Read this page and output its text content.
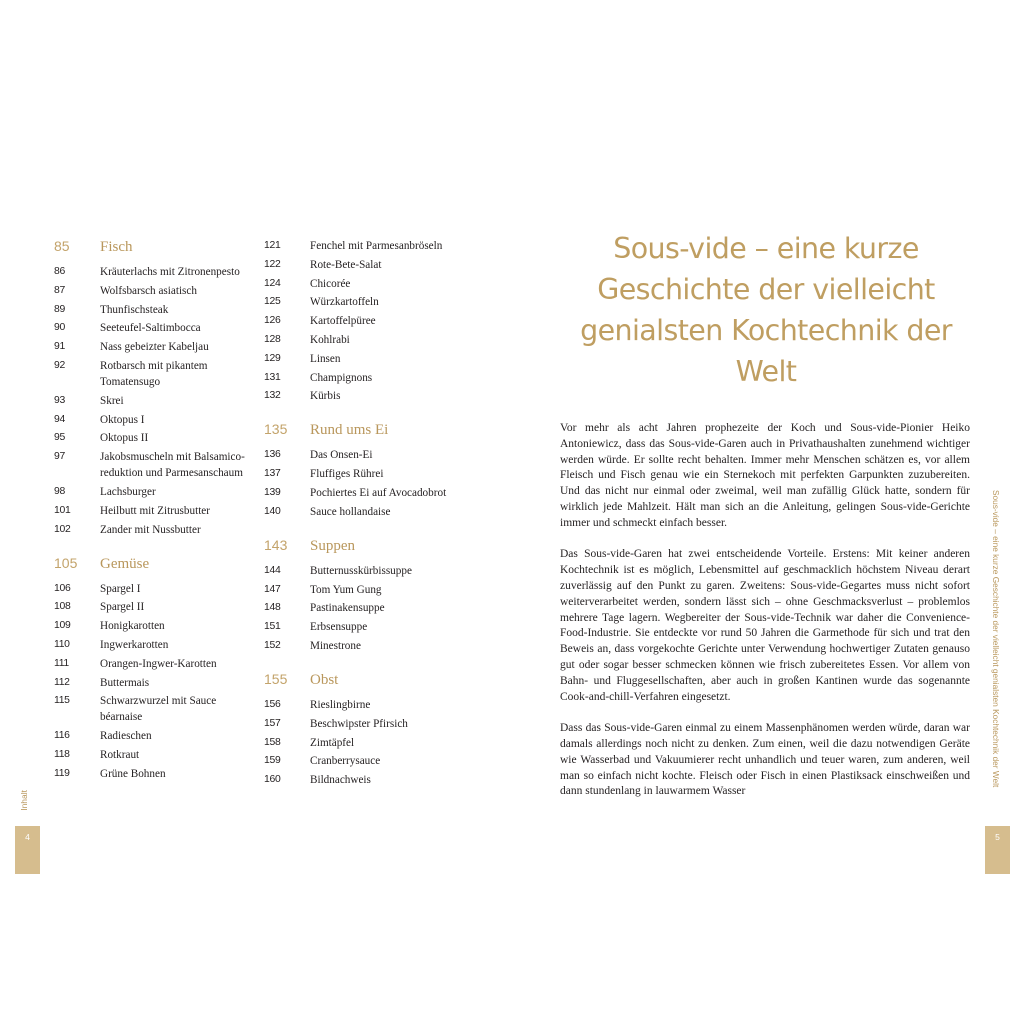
85	Fisch
86	Kräuterlachs mit Zitronenpesto
87	Wolfsbarsch asiatisch
89	Thunfischsteak
90	Seeteufel-Saltimbocca
91	Nass gebeizter Kabeljau
92	Rotbarsch mit pikantem Tomatensugo
93	Skrei
94	Oktopus I
95	Oktopus II
97	Jakobsmuscheln mit Balsamico-reduktion und Parmesanschaum
98	Lachsburger
101	Heilbutt mit Zitrusbutter
102	Zander mit Nussbutter
105	Gemüse
106	Spargel I
108	Spargel II
109	Honigkarotten
110	Ingwerkarotten
111	Orangen-Ingwer-Karotten
112	Buttermais
115	Schwarzwurzel mit Sauce béarnaise
116	Radieschen
118	Rotkraut
119	Grüne Bohnen
121	Fenchel mit Parmesanbröseln
122	Rote-Bete-Salat
124	Chicorée
125	Würzkartoffeln
126	Kartoffelpüree
128	Kohlrabi
129	Linsen
131	Champignons
132	Kürbis
135	Rund ums Ei
136	Das Onsen-Ei
137	Fluffiges Rührei
139	Pochiertes Ei auf Avocadobrot
140	Sauce hollandaise
143	Suppen
144	Butternusskürbissuppe
147	Tom Yum Gung
148	Pastinakensuppe
151	Erbsensuppe
152	Minestrone
155	Obst
156	Rieslingbirne
157	Beschwipster Pfirsich
158	Zimtäpfel
159	Cranberrysauce
160	Bildnachweis
Sous-vide – eine kurze Geschichte der vielleicht genialsten Kochtechnik der Welt

Vor mehr als acht Jahren prophezeite der Koch und Sous-vide-Pionier Heiko Antoniewicz, dass das Sous-vide-Garen auch in Privathaushalten zunehmend wichtiger werden würde. Er sollte recht behalten. Immer mehr Menschen schätzen es, vor allem Fleisch und Fisch genau wie ein Sternekoch mit perfekten Garpunkten zuzubereiten. Und das nicht nur einmal oder zweimal, weil man zufällig Glück hatte, sondern für wirklich jede Mahlzeit. Hält man sich an die Anleitung, gelingen Sous-vide-Gerichte immer und schmeckt einfach besser.

Das Sous-vide-Garen hat zwei entscheidende Vorteile. Erstens: Mit keiner anderen Kochtechnik ist es möglich, Lebensmittel auf geschmacklich höchstem Niveau derart zuverlässig auf den Punkt zu garen. Zweitens: Sous-vide-Gegartes muss nicht sofort weiterverarbeitet werden, sondern lässt sich – ohne Geschmacksverlust – problemlos mehrere Tage lagern. Wegbereiter der Sous-vide-Technik war daher die Convenience-Food-Industrie. Sie entdeckte vor rund 50 Jahren die Garmethode für sich und trat den Beweis an, dass vorgekochte Gerichte unter Verwendung hochwertiger Zutaten genauso gut oder sogar besser schmecken können wie frisch zubereitetes Essen. Vor allem von Bahn- und Fluggesellschaften, aber auch in großen Kantinen wurde das sogenannte Cook-and-chill-Verfahren eingesetzt.

Dass das Sous-vide-Garen einmal zu einem Massenphänomen werden würde, daran war damals allerdings noch nicht zu denken. Zum einen, weil die dazu notwendigen Geräte wie Wasserbad und Vakuumierer recht unhandlich und teuer waren, zum anderen, weil man so einfach nicht kochte. Fleisch oder Fisch in einen Plastiksack einschweißen und dann stundenlang in lauwarmem Wasser

Sous-vide – eine kurze Geschichte der vielleicht genialsten Kochtechnik der Welt
Inhalt
4	5
